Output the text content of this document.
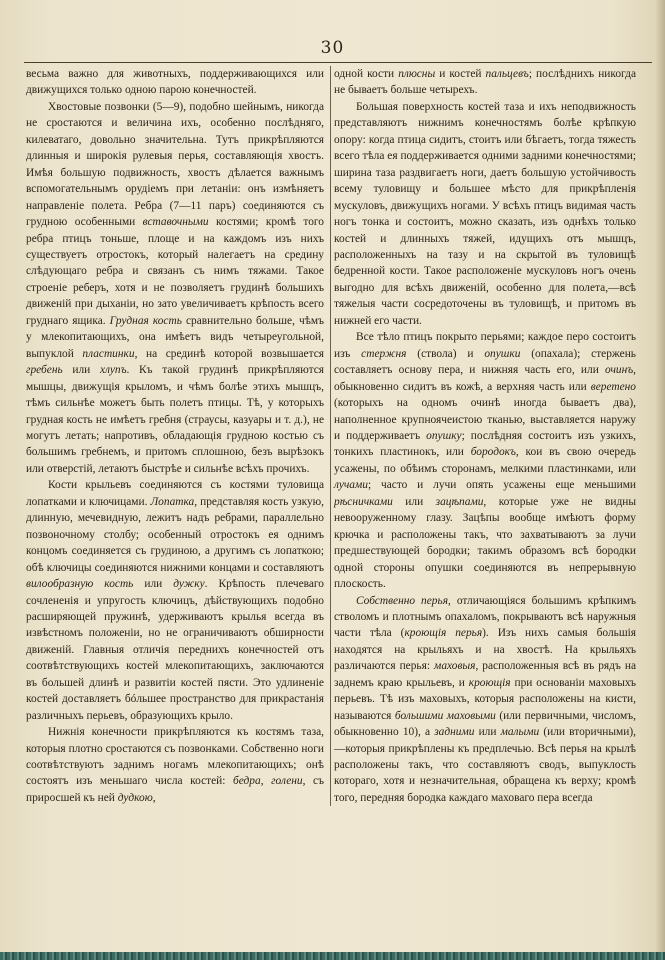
30

весьма важно для животныхъ, поддерживающихся или движущихся только одною парою конечностей.

Хвостовые позвонки (5—9), подобно шейнымъ, никогда не сростаются и величина ихъ, особенно послѣдняго, килеватаго, довольно значительна. Тутъ прикрѣпляются длинныя и широкія рулевыя перья, составляющія хвостъ. Имѣя большую подвижность, хвостъ дѣлается важнымъ вспомогательнымъ орудіемъ при летаніи: онъ измѣняетъ направленіе полета. Ребра (7—11 паръ) соединяются съ грудною особенными вставочными костями; кромѣ того ребра птицъ тоньше, площе и на каждомъ изъ нихъ существуетъ отростокъ, который налегаетъ на средину слѣдующаго ребра и связанъ съ нимъ тяжами. Такое строеніе реберъ, хотя и не позволяетъ грудинѣ большихъ движеній при дыханіи, но зато увеличиваетъ крѣпость всего груднаго ящика. Грудная кость сравнительно больше, чѣмъ у млекопитающихъ, она имѣетъ видъ четыреугольной, выпуклой пластинки, на срединѣ которой возвышается гребень или хлупъ. Къ такой грудинѣ прикрѣпляются мышцы, движущія крыломъ, и чѣмъ болѣе этихъ мышцъ, тѣмъ сильнѣе можетъ быть полетъ птицы. Тѣ, у которыхъ грудная кость не имѣетъ гребня (страусы, казуары и т. д.), не могутъ летать; напротивъ, обладающія грудною костью съ большимъ гребнемъ, и притомъ сплошною, безъ вырѣзокъ или отверстій, летаютъ быстрѣе и сильнѣе всѣхъ прочихъ.

Кости крыльевъ соединяются съ костями туловища лопатками и ключицами. Лопатка, представляя кость узкую, длинную, мечевидную, лежитъ надъ ребрами, параллельно позвоночному столбу; особенный отростокъ ея однимъ концомъ соединяется съ грудиною, а другимъ съ лопаткою; обѣ ключицы соединяются нижними концами и составляютъ вилообразную кость или дужку. Крѣпость плечеваго сочлененія и упругость ключицъ, дѣйствующихъ подобно расширяющей пружинѣ, удерживаютъ крылья всегда въ извѣстномъ положеніи, но не ограничиваютъ обширности движеній. Главныя отличія переднихъ конечностей отъ соотвѣтствующихъ костей млекопитающихъ, заключаются въ большей длинѣ и развитіи костей пясти. Это удлиненіе костей доставляетъ бóльшее пространство для прикрастанія различныхъ перьевъ, образующихъ крыло.

Нижнія конечности прикрѣпляются къ костямъ таза, которыя плотно сростаются съ позвонками. Собственно ноги соотвѣтствуютъ заднимъ ногамъ млекопитающихъ; онѣ состоятъ изъ меньшаго числа костей: бедра, голени, съ приросшей къ ней дудкою,

одной кости плюсны и костей пальцевъ; послѣднихъ никогда не бываетъ больше четырехъ.

Большая поверхность костей таза и ихъ неподвижность представляютъ нижнимъ конечностямъ болѣе крѣпкую опору: когда птица сидитъ, стоитъ или бѣгаетъ, тогда тяжесть всего тѣла ея поддерживается одними задними конечностями; ширина таза раздвигаетъ ноги, даетъ большую устойчивость всему туловищу и большее мѣсто для прикрѣпленія мускуловъ, движущихъ ногами. У всѣхъ птицъ видимая часть ногъ тонка и состоитъ, можно сказать, изъ однѣхъ только костей и длинныхъ тяжей, идущихъ отъ мышцъ, расположенныхъ на тазу и на скрытой въ туловищѣ бедренной кости. Такое расположеніе мускуловъ ногъ очень выгодно для всѣхъ движеній, особенно для полета,—всѣ тяжелыя части сосредоточены въ туловищѣ, и притомъ въ нижней его части.

Все тѣло птицъ покрыто перьями; каждое перо состоитъ изъ стержня (ствола) и опушки (опахала); стержень составляетъ основу пера, и нижняя часть его, или очинъ, обыкновенно сидитъ въ кожѣ, а верхняя часть или веретено (которыхъ на одномъ очинѣ иногда бываетъ два), наполненное крупноячеистою тканью, выставляется наружу и поддерживаетъ опушку; послѣдняя состоитъ изъ узкихъ, тонкихъ пластинокъ, или бородокъ, кои въ свою очередь усажены, по обѣимъ сторонамъ, мелкими пластинками, или лучами; часто и лучи опять усажены еще меньшими рѣсничками или зацѣпами, которые уже не видны невооруженному глазу. Зацѣпы вообще имѣютъ форму крючка и расположены такъ, что захватываютъ за лучи предшествующей бородки; такимъ образомъ всѣ бородки одной стороны опушки соединяются въ непрерывную плоскость.

Собственно перья, отличающіяся большимъ крѣпкимъ стволомъ и плотнымъ опахаломъ, покрываютъ всѣ наружныя части тѣла (кроющія перья). Изъ нихъ самыя большія находятся на крыльяхъ и на хвостѣ. На крыльяхъ различаются перья: маховыя, расположенныя всѣ въ рядъ на заднемъ краю крыльевъ, и кроющія при основаніи маховыхъ перьевъ. Тѣ изъ маховыхъ, которыя расположены на кисти, называются большими маховыми (или первичными, числомъ, обыкновенно 10), а задними или малыми (или вторичными),—которыя прикрѣплены къ предплечью. Всѣ перья на крылѣ расположены такъ, что составляютъ сводъ, выпуклость котораго, хотя и незначительная, обращена къ верху; кромѣ того, передняя бородка каждаго маховаго пера всегда
